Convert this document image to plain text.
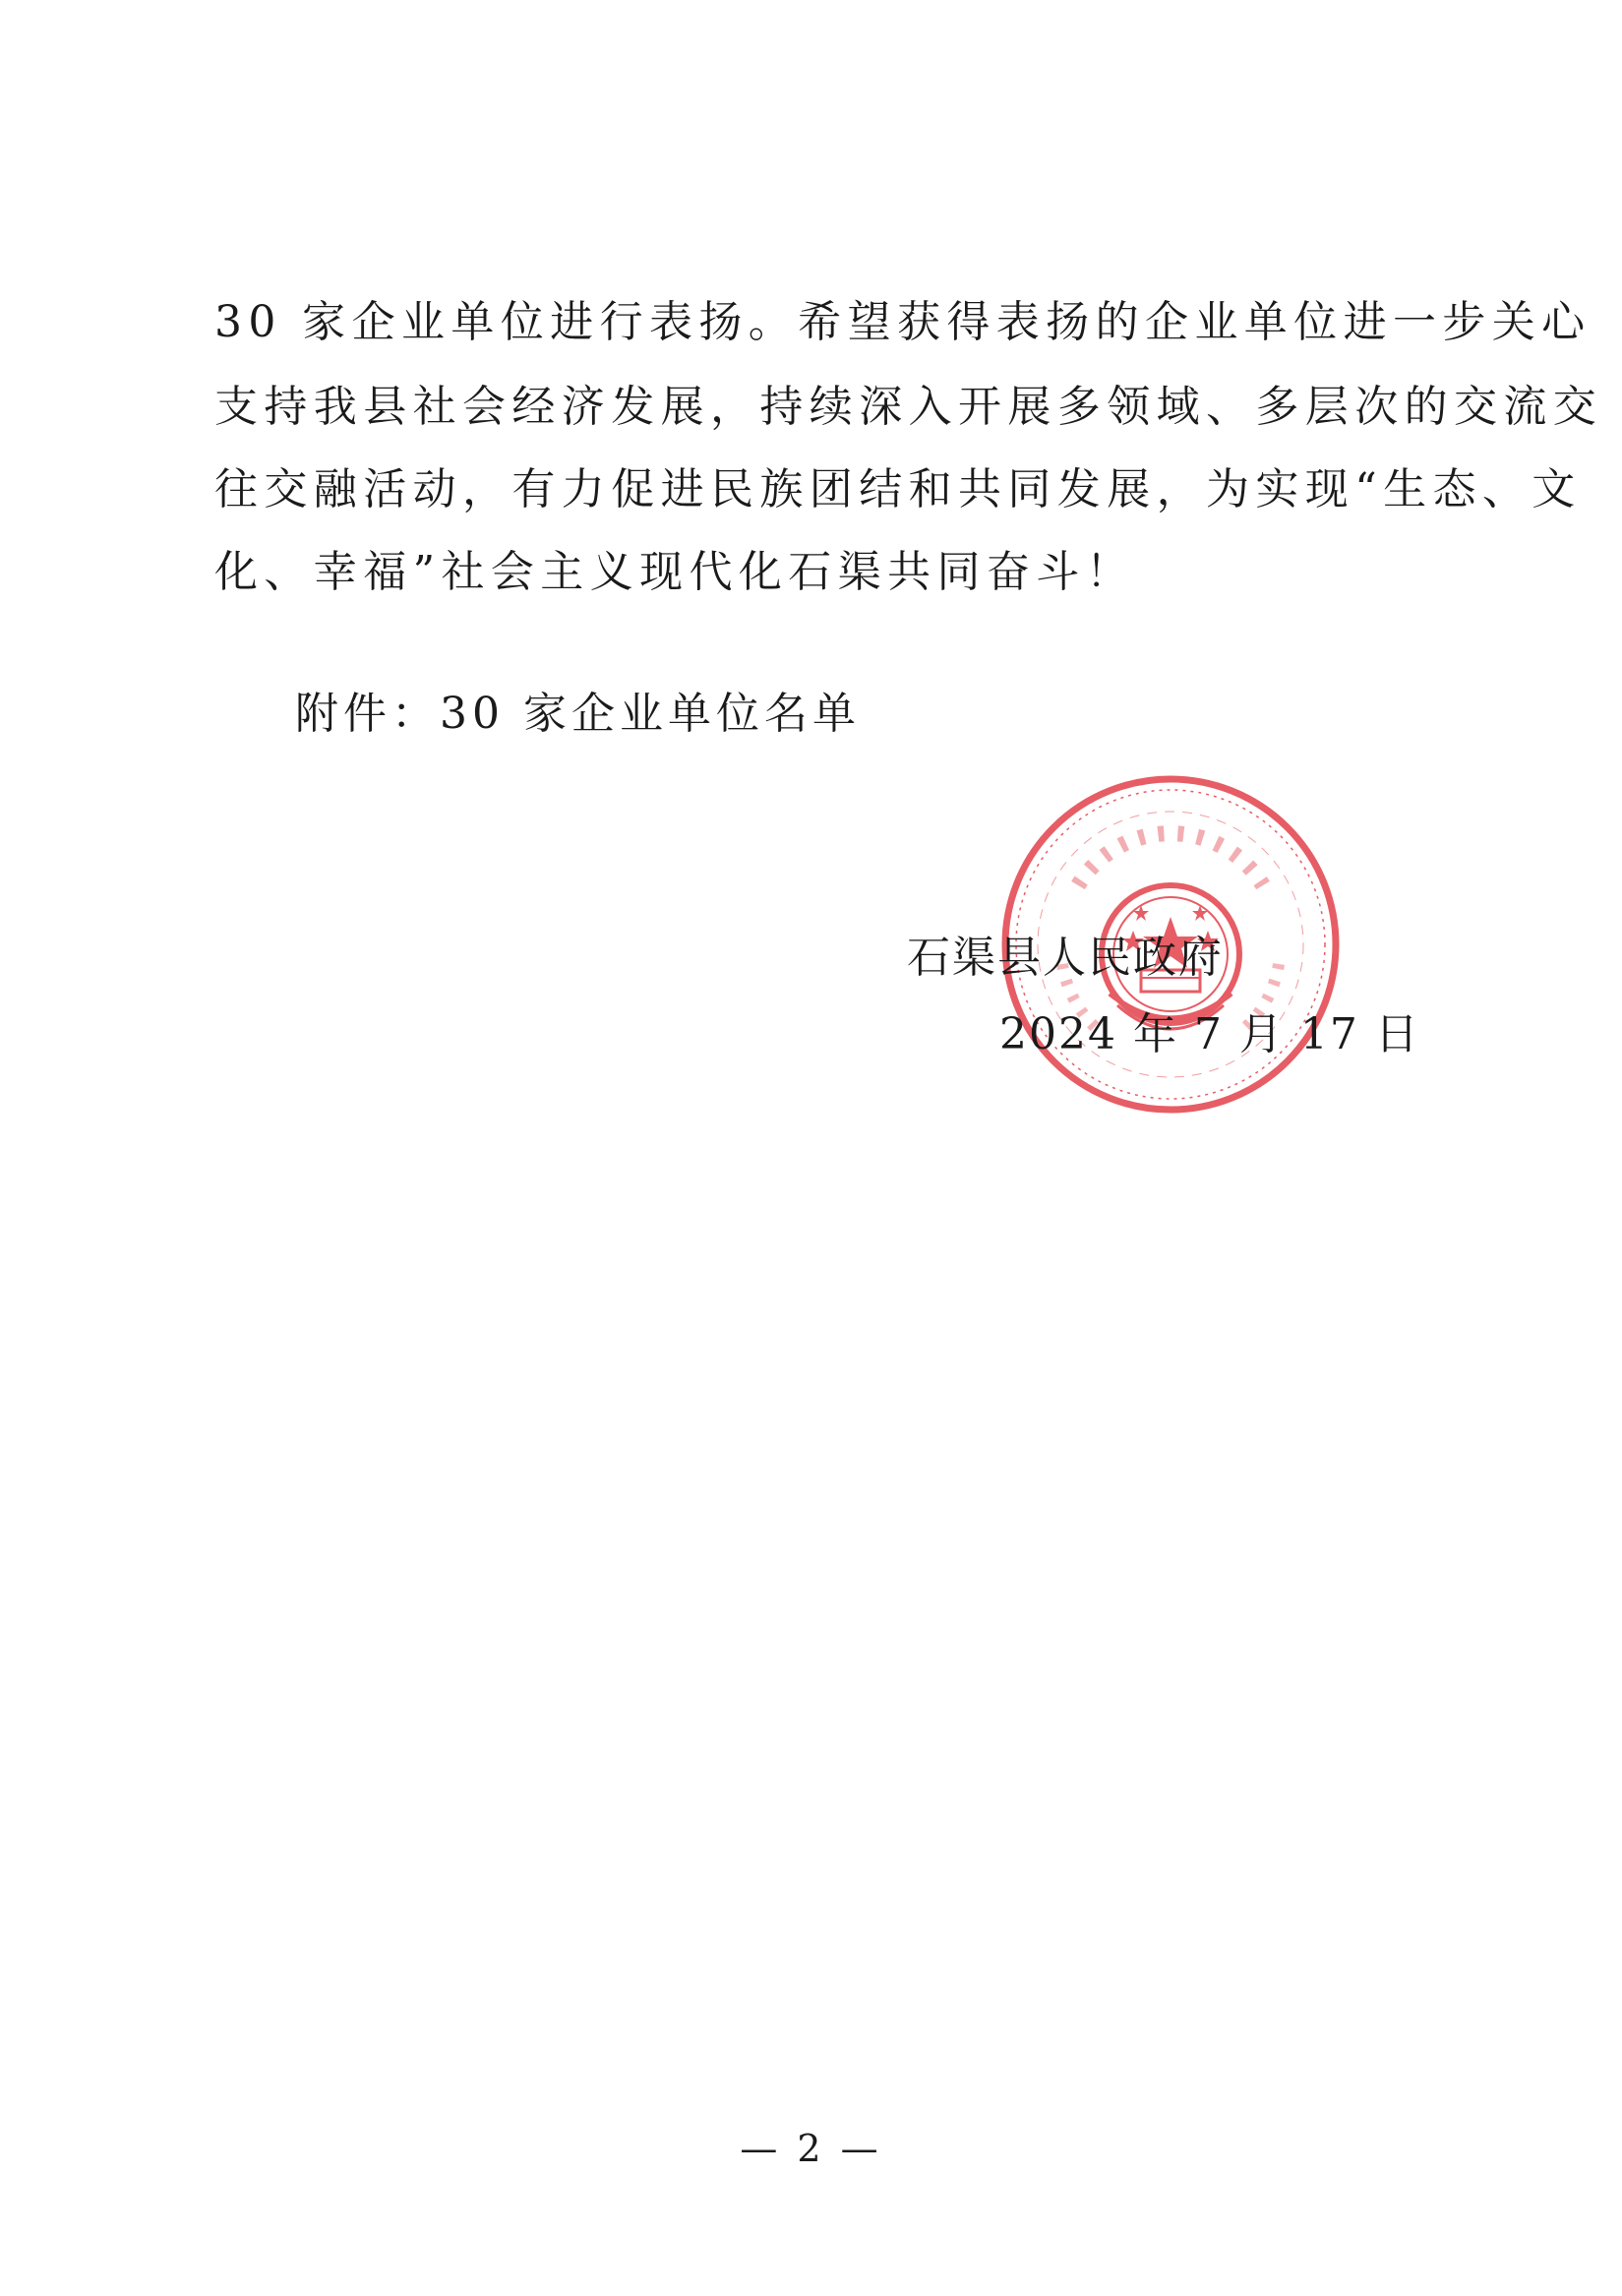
30 家企业单位进行表扬。希望获得表扬的企业单位进一步关心
支持我县社会经济发展，持续深入开展多领域、多层次的交流交
往交融活动，有力促进民族团结和共同发展，为实现“生态、文
化、幸福”社会主义现代化石渠共同奋斗！
附件：30 家企业单位名单
石渠县人民政府
2024 年 7 月 17 日
— 2 —
